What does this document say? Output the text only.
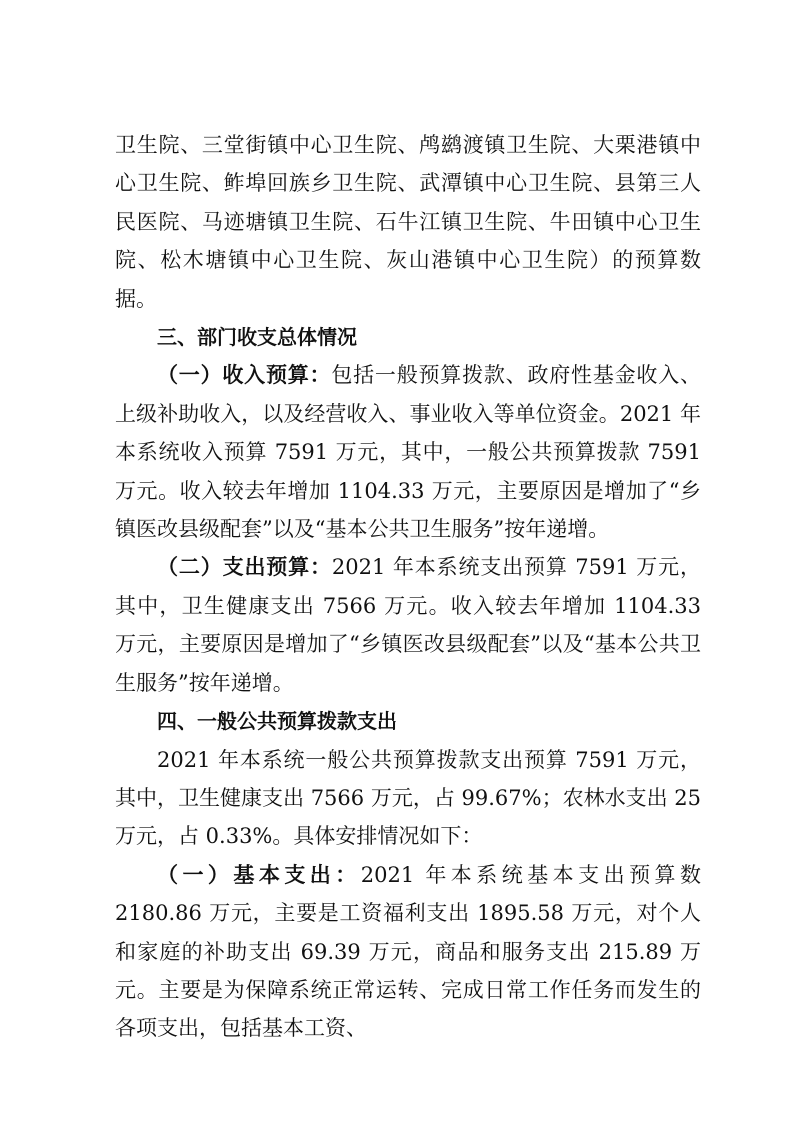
卫生院、三堂街镇中心卫生院、鸬鹚渡镇卫生院、大栗港镇中心卫生院、鲊埠回族乡卫生院、武潭镇中心卫生院、县第三人民医院、马迹塘镇卫生院、石牛江镇卫生院、牛田镇中心卫生院、松木塘镇中心卫生院、灰山港镇中心卫生院）的预算数据。

三、部门收支总体情况

（一）收入预算：包括一般预算拨款、政府性基金收入、上级补助收入，以及经营收入、事业收入等单位资金。2021 年本系统收入预算 7591 万元，其中，一般公共预算拨款 7591 万元。收入较去年增加 1104.33 万元，主要原因是增加了“乡镇医改县级配套”以及“基本公共卫生服务”按年递增。

（二）支出预算：2021 年本系统支出预算 7591 万元，其中，卫生健康支出 7566 万元。收入较去年增加 1104.33 万元，主要原因是增加了“乡镇医改县级配套”以及“基本公共卫生服务”按年递增。

四、一般公共预算拨款支出

2021 年本系统一般公共预算拨款支出预算 7591 万元，其中，卫生健康支出 7566 万元，占 99.67%；农林水支出 25 万元，占 0.33%。具体安排情况如下：

（一）基本支出：2021 年本系统基本支出预算数 2180.86 万元，主要是工资福利支出 1895.58 万元，对个人和家庭的补助支出 69.39 万元，商品和服务支出 215.89 万元。主要是为保障系统正常运转、完成日常工作任务而发生的各项支出，包括基本工资、
